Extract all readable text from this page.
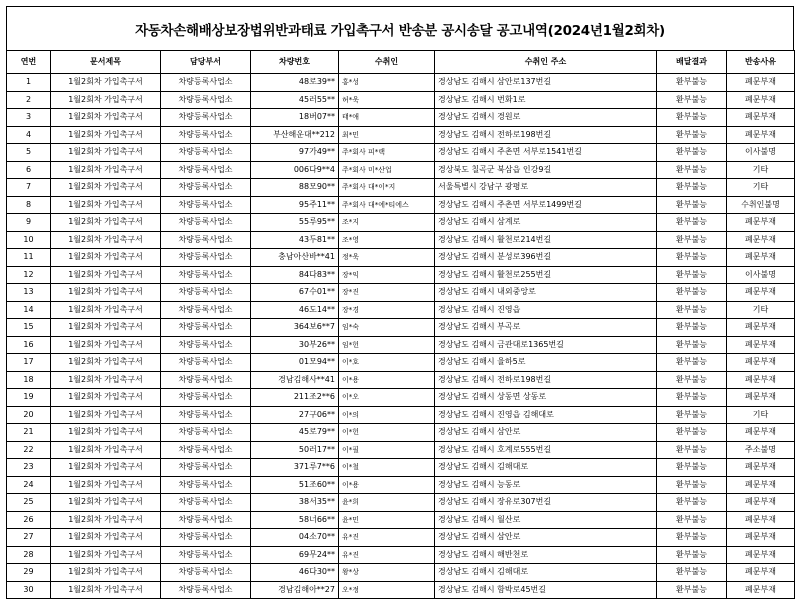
자동차손해배상보장법위반과태료 가입촉구서 반송분 공시송달 공고내역(2024년1월2회차)
연번	문서제목	담당부서	차량번호	수취인	수취인 주소	배달결과	반송사유
1	1월2회차 가입촉구서	차량등록사업소	48로39**	홍*성	경상남도 김해시 삼안로137번길	환부불능	폐문부재
2	1월2회차 가입촉구서	차량등록사업소	45러55**	허*욱	경상남도 김해시 번화1로	환부불능	폐문부재
3	1월2회차 가입촉구서	차량등록사업소	18버07**	태*애	경상남도 김해시 경원로	환부불능	폐문부재
4	1월2회차 가입촉구서	차량등록사업소	부산해운대**212	최*민	경상남도 김해시 전하로198번길	환부불능	폐문부재
5	1월2회차 가입촉구서	차량등록사업소	97가49**	주*회사 피*랙	경상남도 김해시 주촌면 서부로1541번길	환부불능	이사불명
6	1월2회차 가입촉구서	차량등록사업소	006다9**4	주*회사 미*산업	경상북도 칠곡군 북삼읍 인강9길	환부불능	기타
7	1월2회차 가입촉구서	차량등록사업소	88모90**	주*회사 대*이*지	서울특별시 강남구 광평로	환부불능	기타
8	1월2회차 가입촉구서	차량등록사업소	95주11**	주*회사 대*에*티에스	경상남도 김해시 주촌면 서부로1499번길	환부불능	수취인불명
9	1월2회차 가입촉구서	차량등록사업소	55루95**	조*지	경상남도 김해시 삼계로	환부불능	폐문부재
10	1월2회차 가입촉구서	차량등록사업소	43두81**	조*영	경상남도 김해시 활천로214번길	환부불능	폐문부재
11	1월2회차 가입촉구서	차량등록사업소	충남아산바**41	정*욱	경상남도 김해시 분성로396번길	환부불능	폐문부재
12	1월2회차 가입촉구서	차량등록사업소	84다83**	장*익	경상남도 김해시 활천로255번길	환부불능	이사불명
13	1월2회차 가입촉구서	차량등록사업소	67수01**	장*진	경상남도 김해시 내외중앙로	환부불능	폐문부재
14	1월2회차 가입촉구서	차량등록사업소	46도14**	장*경	경상남도 김해시 진영읍	환부불능	기타
15	1월2회차 가입촉구서	차량등록사업소	364보6**7	임*숙	경상남도 김해시 부곡로	환부불능	폐문부재
16	1월2회차 가입촉구서	차량등록사업소	30부26**	임*헌	경상남도 김해시 금관대로1365번길	환부불능	폐문부재
17	1월2회차 가입촉구서	차량등록사업소	01모94**	이*호	경상남도 김해시 율하5로	환부불능	폐문부재
18	1월2회차 가입촉구서	차량등록사업소	경남김해사**41	이*용	경상남도 김해시 전하로198번길	환부불능	폐문부재
19	1월2회차 가입촉구서	차량등록사업소	211조2**6	이*오	경상남도 김해시 상동면 상동로	환부불능	폐문부재
20	1월2회차 가입촉구서	차량등록사업소	27구06**	이*의	경상남도 김해시 진영읍 김해대로	환부불능	기타
21	1월2회차 가입촉구서	차량등록사업소	45로79**	이*헌	경상남도 김해시 삼안로	환부불능	폐문부재
22	1월2회차 가입촉구서	차량등록사업소	50러17**	이*필	경상남도 김해시 호계로555번길	환부불능	주소불명
23	1월2회차 가입촉구서	차량등록사업소	371루7**6	이*철	경상남도 김해시 김해대로	환부불능	폐문부재
24	1월2회차 가입촉구서	차량등록사업소	51조60**	이*용	경상남도 김해시 능동로	환부불능	폐문부재
25	1월2회차 가입촉구서	차량등록사업소	38서35**	윤*희	경상남도 김해시 장유로307번길	환부불능	폐문부재
26	1월2회차 가입촉구서	차량등록사업소	58너66**	윤*민	경상남도 김해시 월산로	환부불능	폐문부재
27	1월2회차 가입촉구서	차량등록사업소	04소70**	유*진	경상남도 김해시 삼안로	환부불능	폐문부재
28	1월2회차 가입촉구서	차량등록사업소	69무24**	유*진	경상남도 김해시 해반천로	환부불능	폐문부재
29	1월2회차 가입촉구서	차량등록사업소	46다30**	왕*상	경상남도 김해시 김해대로	환부불능	폐문부재
30	1월2회차 가입촉구서	차량등록사업소	경남김해아**27	오*정	경상남도 김해시 함박로45번길	환부불능	폐문부재
